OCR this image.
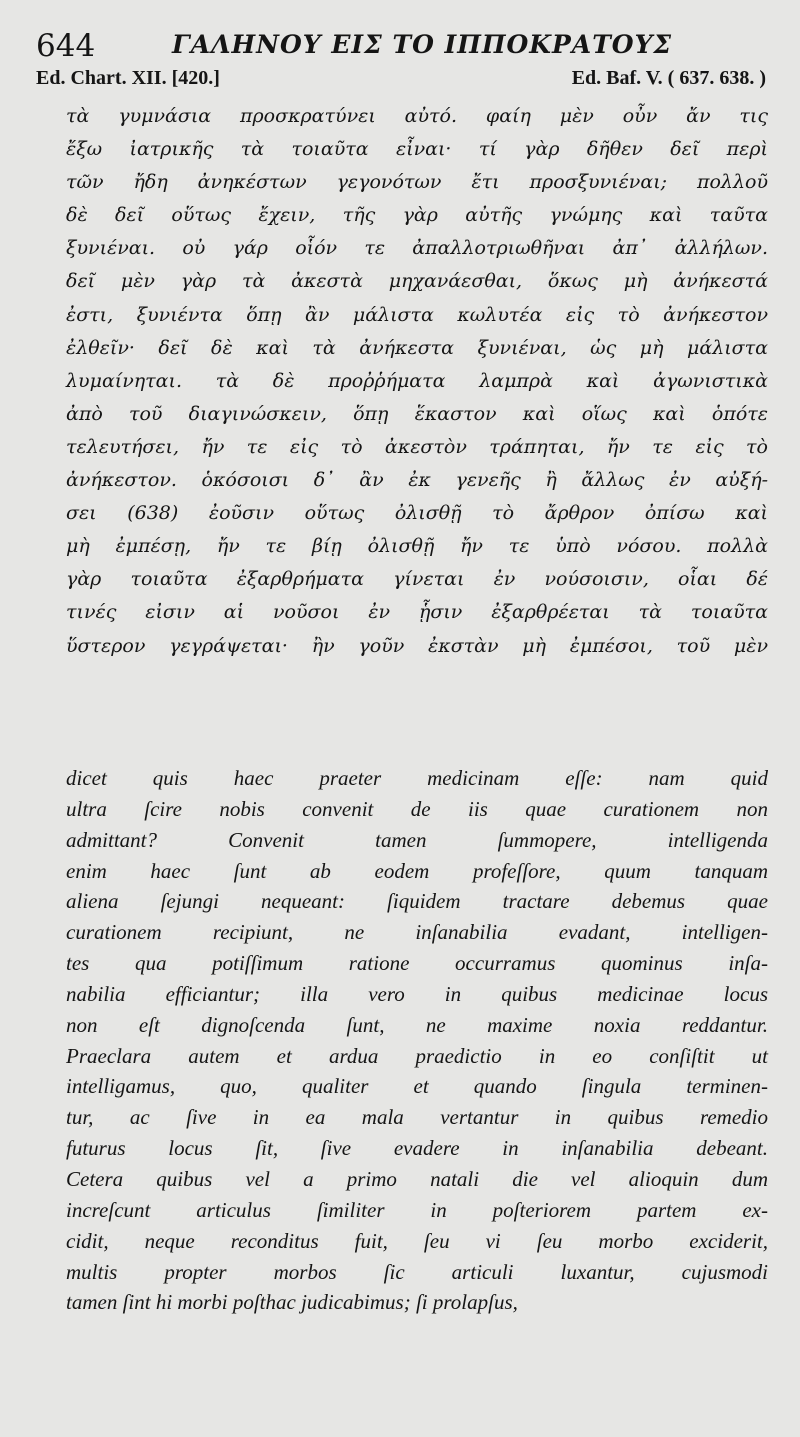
644	ΓΑΛΗΝΟΥ ΕΙΣ ΤΟ ΙΠΠΟΚΡΑΤΟΥΣ
Ed. Chart. XII. [420.]	Ed. Baf. V. ( 637. 638. )
τὰ γυμνάσια προσκρατύνει αὐτό. φαίη μὲν οὖν ἄν τις
ἔξω ἰατρικῆς τὰ τοιαῦτα εἶναι· τί γὰρ δῆθεν δεῖ περὶ
τῶν ἤδη ἀνηκέστων γεγονότων ἔτι προσξυνιέναι; πολλοῦ
δὲ δεῖ οὕτως ἔχειν, τῆς γὰρ αὐτῆς γνώμης καὶ ταῦτα
ξυνιέναι. οὐ γάρ οἷόν τε ἀπαλλοτριωθῆναι ἀπ᾽ ἀλλήλων.
δεῖ μὲν γὰρ τὰ ἀκεστὰ μηχανάεσθαι, ὅκως μὴ ἀνήκεστά
ἐστι, ξυνιέντα ὅπῃ ἂν μάλιστα κωλυτέα εἰς τὸ ἀνήκεστον
ἐλθεῖν· δεῖ δὲ καὶ τὰ ἀνήκεστα ξυνιέναι, ὡς μὴ μάλιστα
λυμαίνηται. τὰ δὲ προῤῥήματα λαμπρὰ καὶ ἀγωνιστικὰ
ἀπὸ τοῦ διαγινώσκειν, ὅπῃ ἕκαστον καὶ οἵως καὶ ὁπότε
τελευτήσει, ἤν τε εἰς τὸ ἀκεστὸν τράπηται, ἤν τε εἰς τὸ
ἀνήκεστον. ὁκόσοισι δ᾽ ἂν ἐκ γενεῆς ἢ ἄλλως ἐν αὐξή-
σει (638) ἐοῦσιν οὕτως ὀλισθῇ τὸ ἄρθρον ὀπίσω καὶ
μὴ ἐμπέσῃ, ἤν τε βίῃ ὀλισθῇ ἤν τε ὑπὸ νόσου. πολλὰ
γὰρ τοιαῦτα ἐξαρθρήματα γίνεται ἐν νούσοισιν, οἷαι δέ
τινές εἰσιν αἱ νοῦσοι ἐν ᾗσιν ἐξαρθρέεται τὰ τοιαῦτα
ὕστερον γεγράψεται· ἢν γοῦν ἐκστὰν μὴ ἐμπέσοι, τοῦ μὲν
dicet quis haec praeter medicinam eſſe: nam quid
ultra ſcire nobis convenit de iis quae curationem non
admittant? Convenit tamen ſummopere, intelligenda
enim haec ſunt ab eodem profeſſore, quum tanquam
aliena ſejungi nequeant: ſiquidem tractare debemus quae
curationem recipiunt, ne inſanabilia evadant, intelligen-
tes qua potiſſimum ratione occurramus quominus inſa-
nabilia efficiantur; illa vero in quibus medicinae locus
non eſt dignoſcenda ſunt, ne maxime noxia reddantur.
Praeclara autem et ardua praedictio in eo conſiſtit ut
intelligamus, quo, qualiter et quando ſingula terminen-
tur, ac ſive in ea mala vertantur in quibus remedio
futurus locus ſit, ſive evadere in inſanabilia debeant.
Cetera quibus vel a primo natali die vel alioquin dum
increſcunt articulus ſimiliter in poſteriorem partem ex-
cidit, neque reconditus fuit, ſeu vi ſeu morbo exciderit,
multis propter morbos ſic articuli luxantur, cujusmodi
tamen ſint hi morbi poſthac judicabimus; ſi prolapſus,
